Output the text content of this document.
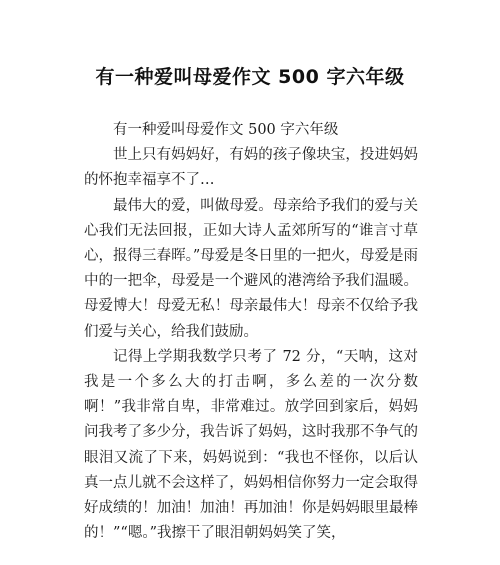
有一种爱叫母爱作文 500 字六年级

有一种爱叫母爱作文 500 字六年级

世上只有妈妈好，有妈的孩子像块宝，投进妈妈的怀抱幸福享不了…

最伟大的爱，叫做母爱。母亲给予我们的爱与关心我们无法回报，正如大诗人孟郊所写的“谁言寸草心，报得三春晖。”母爱是冬日里的一把火，母爱是雨中的一把伞，母爱是一个避风的港湾给予我们温暖。母爱博大！母爱无私！母亲最伟大！母亲不仅给予我们爱与关心，给我们鼓励。

记得上学期我数学只考了 72 分，“天呐，这对我是一个多么大的打击啊，多么差的一次分数啊！”我非常自卑，非常难过。放学回到家后，妈妈问我考了多少分，我告诉了妈妈，这时我那不争气的眼泪又流了下来，妈妈说到：“我也不怪你，以后认真一点儿就不会这样了，妈妈相信你努力一定会取得好成绩的！加油！加油！再加油！你是妈妈眼里最棒的！”“嗯。”我擦干了眼泪朝妈妈笑了笑，
